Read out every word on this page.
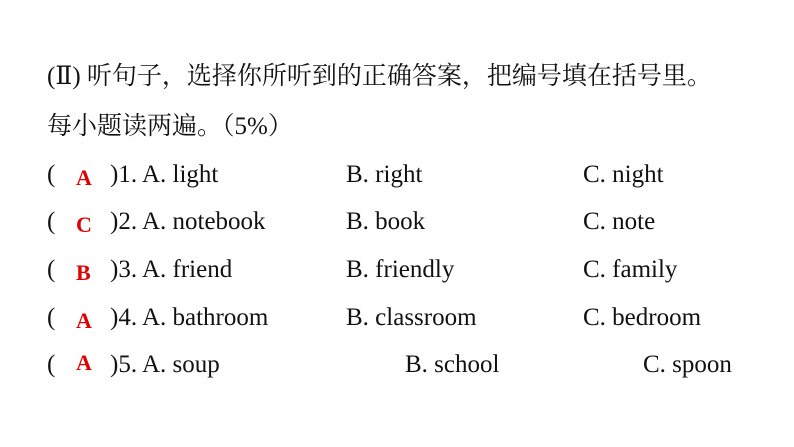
(Ⅱ) 听句子，选择你所听到的正确答案，把编号填在括号里。
每小题读两遍。（5%）
( A )1. A. light	B. right	C. night
( C )2. A. notebook	B. book	C. note
( B )3. A. friend	B. friendly	C. family
( A )4. A. bathroom	B. classroom	C. bedroom
( A )5. A. soup	B. school	C. spoon
